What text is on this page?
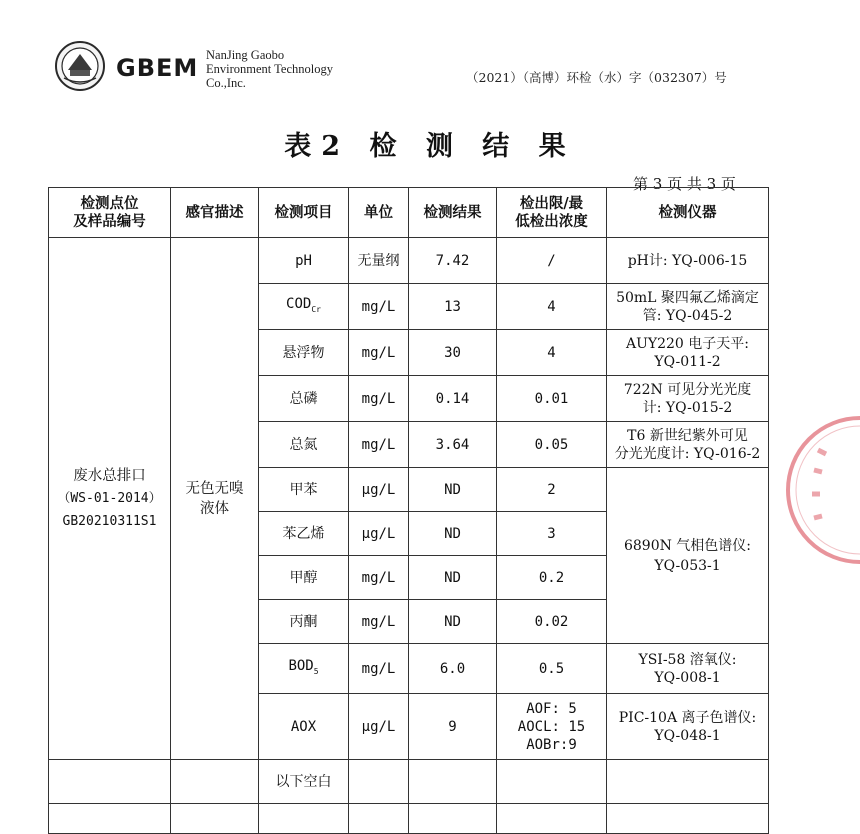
GBEM NanJing Gaobo
Environment Technology
Co.,Inc.	（2021）（高博）环检（水）字（032307）号
表2 检 测 结 果
第 3 页 共 3 页
检测点位
及样品编号	感官描述	检测项目	单位	检测结果	检出限/最
低检出浓度	检测仪器
废水总排口
（WS-01-2014）
GB20210311S1	无色无嗅
液体	pH	无量纲	7.42	/	pH计: YQ-006-15
		$COD_{Cr}$	mg/L	13	4	50mL 聚四氟乙烯滴定
管: YQ-045-2
		悬浮物	mg/L	30	4	AUY220 电子天平:
YQ-011-2
		总磷	mg/L	0.14	0.01	722N 可见分光光度
计: YQ-015-2
		总氮	mg/L	3.64	0.05	T6 新世纪紫外可见
分光光度计: YQ-016-2
		甲苯	μg/L	ND	2	6890N 气相色谱仪:
YQ-053-1
		苯乙烯	μg/L	ND	3	
		甲醇	mg/L	ND	0.2	
		丙酮	mg/L	ND	0.02	
		$BOD_5$	mg/L	6.0	0.5	YSI-58 溶氧仪:
YQ-008-1
		AOX	μg/L	9	AOF: 5
AOCL: 15
AOBr:9	PIC-10A 离子色谱仪:
YQ-048-1
		以下空白				
